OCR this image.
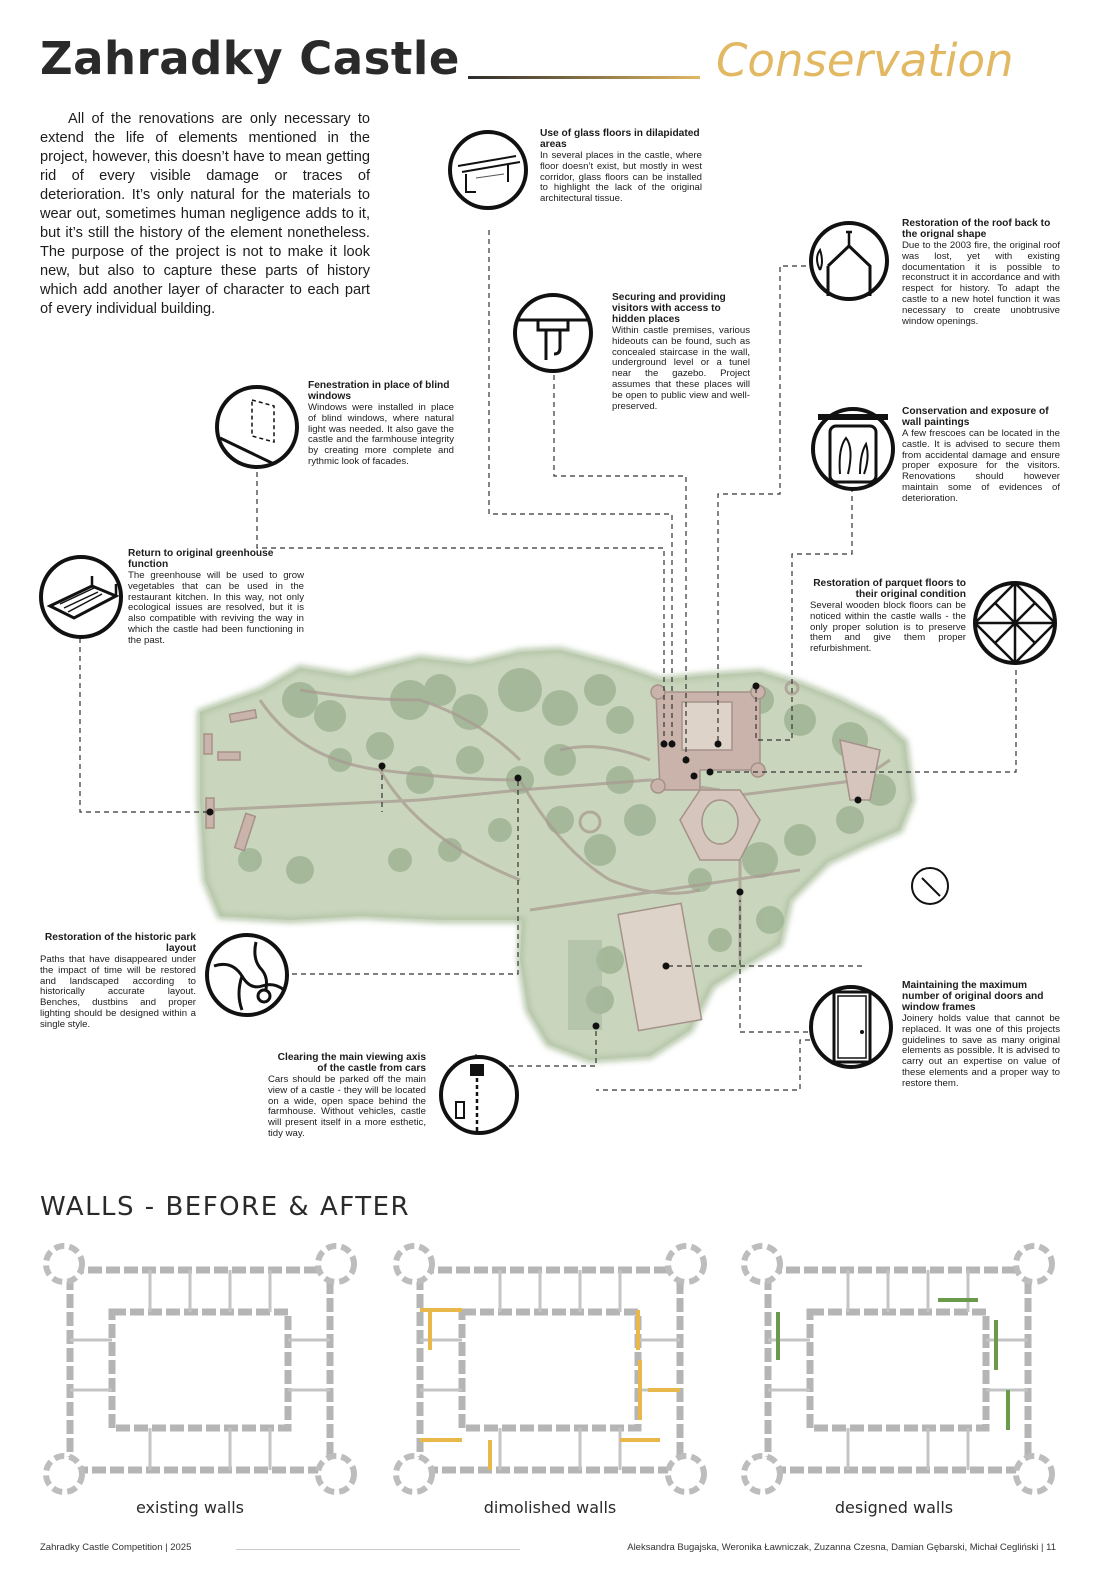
Zahradky Castle	Conservation

All of the renovations are only necessary to extend the life of elements mentioned in the project, however, this doesn’t have to mean getting rid of every visible damage or traces of deterioration. It’s only natural for the materials to wear out, sometimes human negligence adds to it, but it’s still the history of the element nonetheless. The purpose of the project is not to make it look new, but also to capture these parts of history which add another layer of character to each part of every individual building.

Use of glass floors in dilapidated areas
In several places in the castle, where floor doesn’t exist, but mostly in west corridor, glass floors can be installed to highlight the lack of the original architectural tissue.
Restoration of the roof back to the orignal shape
Due to the 2003 fire, the original roof was lost, yet with existing documentation it is possible to reconstruct it in accordance and with respect for history. To adapt the castle to a new hotel function it was necessary to create unobtrusive window openings.
Securing and providing visitors with access to hidden places
Within castle premises, various hideouts can be found, such as concealed staircase in the wall, underground level or a tunel near the gazebo. Project assumes that these places will be open to public view and well-preserved.
Fenestration in place of blind windows
Windows were installed in place of blind windows, where natural light was needed. It also gave the castle and the farmhouse integrity by creating more complete and rythmic look of facades.
Conservation and exposure of wall paintings
A few frescoes can be located in the castle. It is advised to secure them from accidental damage and ensure proper exposure for the visitors. Renovations should however maintain some of evidences of deterioration.
Return to original greenhouse function
The greenhouse will be used to grow vegetables that can be used in the restaurant kitchen. In this way, not only ecological issues are resolved, but it is also compatible with reviving the way in which the castle had been functioning in the past.
Restoration of parquet floors to their original condition
Several wooden block floors can be noticed within the castle walls - the only proper solution is to preserve them and give them proper refurbishment.
Restoration of the historic park layout
Paths that have disappeared under the impact of time will be restored and landscaped according to historically accurate layout. Benches, dustbins and proper lighting should be designed within a single style.
Maintaining the maximum number of original doors and window frames
Joinery holds value that cannot be replaced. It was one of this projects guidelines to save as many original elements as possible. It is advised to carry out an expertise on value of these elements and a proper way to restore them.
Clearing the main viewing axis of the castle from cars
Cars should be parked off the main view of a castle - they will be located on a wide, open space behind the farmhouse. Without vehicles, castle will present itself in a more esthetic, tidy way.
WALLS - BEFORE & AFTER
existing walls	dimolished walls	designed walls
Zahradky Castle Competition | 2025	Aleksandra Bugajska, Weronika Ławniczak, Zuzanna Czesna, Damian Gębarski, Michał Cegliński | 11
